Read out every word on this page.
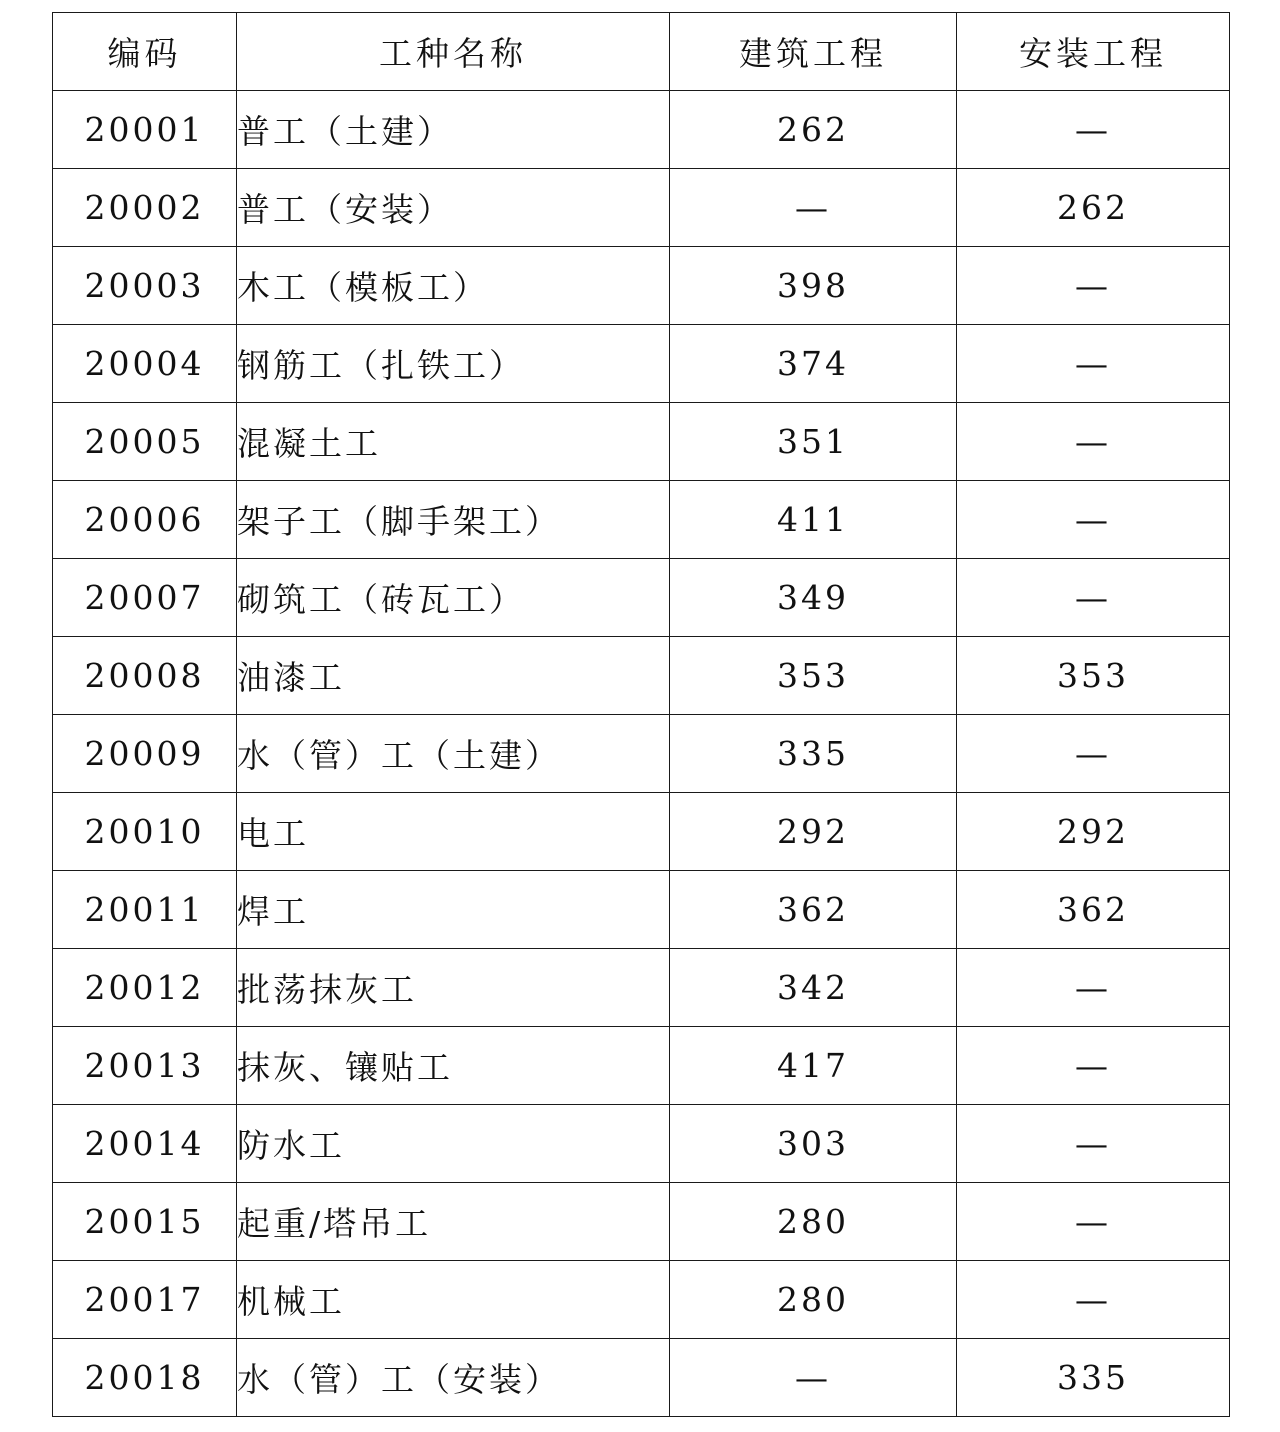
编码	工种名称	建筑工程	安装工程
20001	普工（土建）	262	—
20002	普工（安装）	—	262
20003	木工（模板工）	398	—
20004	钢筋工（扎铁工）	374	—
20005	混凝土工	351	—
20006	架子工（脚手架工）	411	—
20007	砌筑工（砖瓦工）	349	—
20008	油漆工	353	353
20009	水（管）工（土建）	335	—
20010	电工	292	292
20011	焊工	362	362
20012	批荡抹灰工	342	—
20013	抹灰、镶贴工	417	—
20014	防水工	303	—
20015	起重/塔吊工	280	—
20017	机械工	280	—
20018	水（管）工（安装）	—	335
